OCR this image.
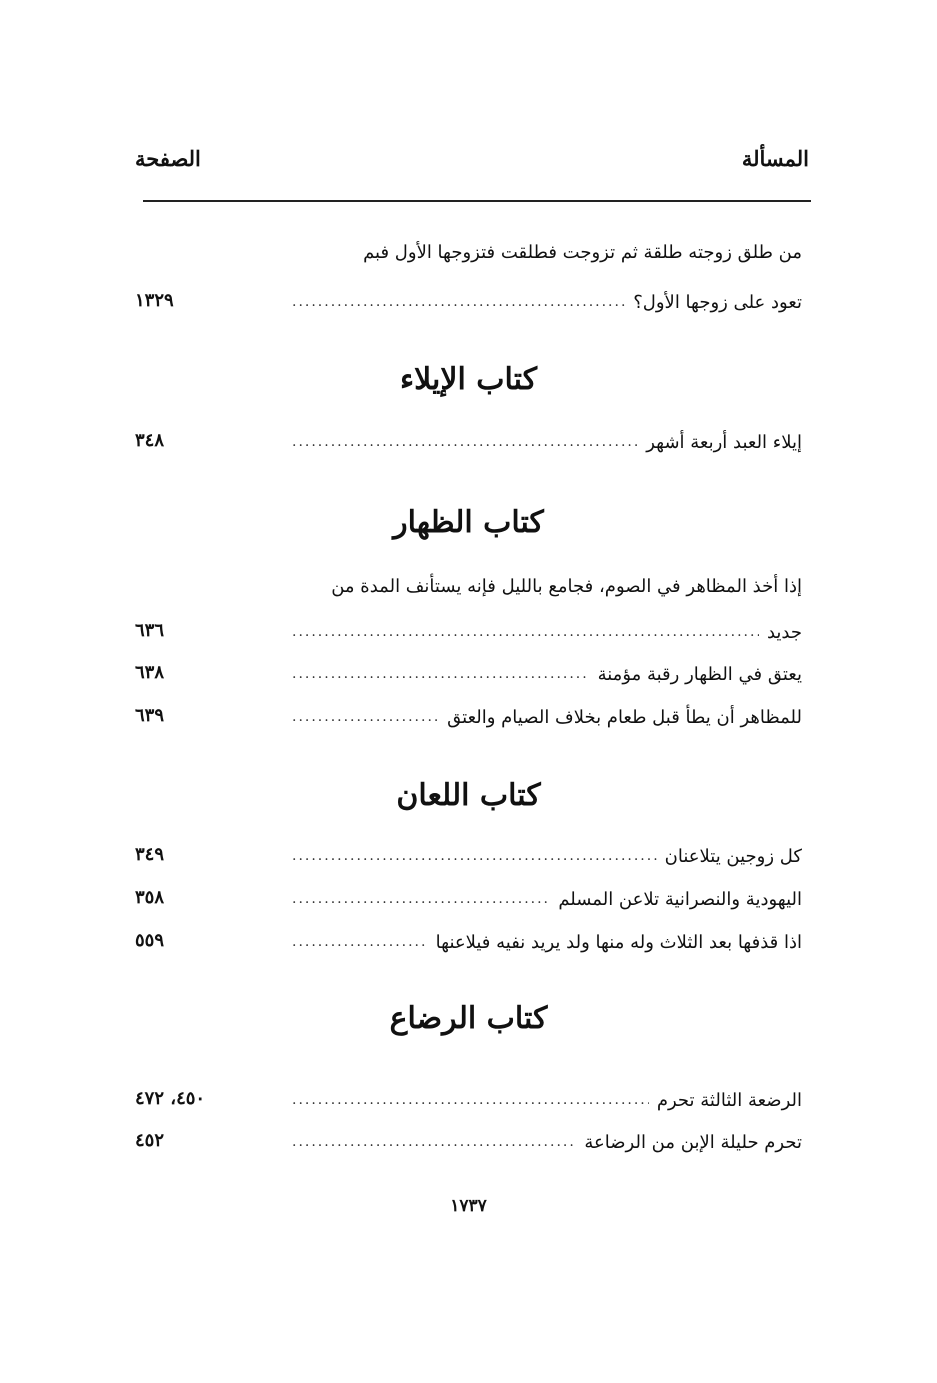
المسألة
الصفحة
من طلق زوجته طلقة ثم تزوجت فطلقت فتزوجها الأول فبم
تعود على زوجها الأول؟
.....
١٣٢٩
كتاب الإيلاء
إيلاء العبد أربعة أشهر
.....
٣٤٨
كتاب الظهار
إذا أخذ المظاهر في الصوم، فجامع بالليل فإنه يستأنف المدة من
جديد
.....
٦٣٦
يعتق في الظهار رقبة مؤمنة
.....
٦٣٨
للمظاهر أن يطأ قبل طعام بخلاف الصيام والعتق
.....
٦٣٩
كتاب اللعان
كل زوجين يتلاعنان
.....
٣٤٩
اليهودية والنصرانية تلاعن المسلم
.....
٣٥٨
اذا قذفها بعد الثلاث وله منها ولد يريد نفيه فيلاعنها
.....
٥٥٩
كتاب الرضاع
الرضعة الثالثة تحرم
.....
٤٥٠، ٤٧٢
تحرم حليلة الإبن من الرضاعة
.....
٤٥٢
١٧٣٧
